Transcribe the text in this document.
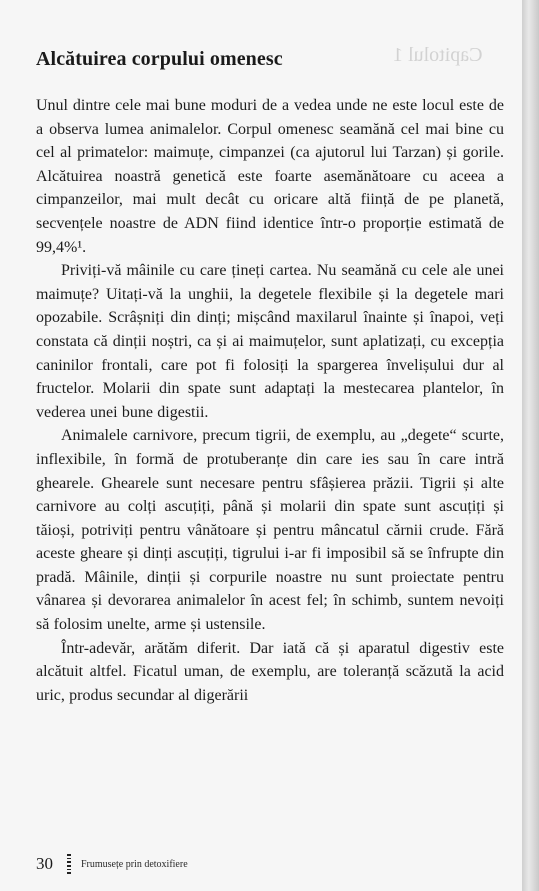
Capitolul 1
Alcătuirea corpului omenesc

Unul dintre cele mai bune moduri de a vedea unde ne este locul este de a observa lumea animalelor. Corpul omenesc seamănă cel mai bine cu cel al primatelor: maimuțe, cimpanzei (ca ajutorul lui Tarzan) și gorile. Alcătuirea noastră genetică este foarte asemănătoare cu aceea a cimpanzeilor, mai mult decât cu oricare altă ființă de pe planetă, secvențele noastre de ADN fiind identice într-o proporție estimată de 99,4%¹.

Priviți-vă mâinile cu care țineți cartea. Nu seamănă cu cele ale unei maimuțe? Uitați-vă la unghii, la degetele flexibile și la degetele mari opozabile. Scrâșniți din dinți; mișcând maxilarul înainte și înapoi, veți constata că dinții noștri, ca și ai maimuțelor, sunt aplatizați, cu excepția caninilor frontali, care pot fi folosiți la spargerea învelișului dur al fructelor. Molarii din spate sunt adaptați la mestecarea plantelor, în vederea unei bune digestii.

Animalele carnivore, precum tigrii, de exemplu, au „degete“ scurte, inflexibile, în formă de protuberanțe din care ies sau în care intră ghearele. Ghearele sunt necesare pentru sfâșierea prăzii. Tigrii și alte carnivore au colți ascuțiți, până și molarii din spate sunt ascuțiți și tăioși, potriviți pentru vânătoare și pentru mâncatul cărnii crude. Fără aceste gheare și dinți ascuțiți, tigrului i-ar fi imposibil să se înfrupte din pradă. Mâinile, dinții și corpurile noastre nu sunt proiectate pentru vânarea și devorarea animalelor în acest fel; în schimb, suntem nevoiți să folosim unelte, arme și ustensile.

Într-adevăr, arătăm diferit. Dar iată că și aparatul digestiv este alcătuit altfel. Ficatul uman, de exemplu, are toleranță scăzută la acid uric, produs secundar al digerării

30	Frumusețe prin detoxifiere
